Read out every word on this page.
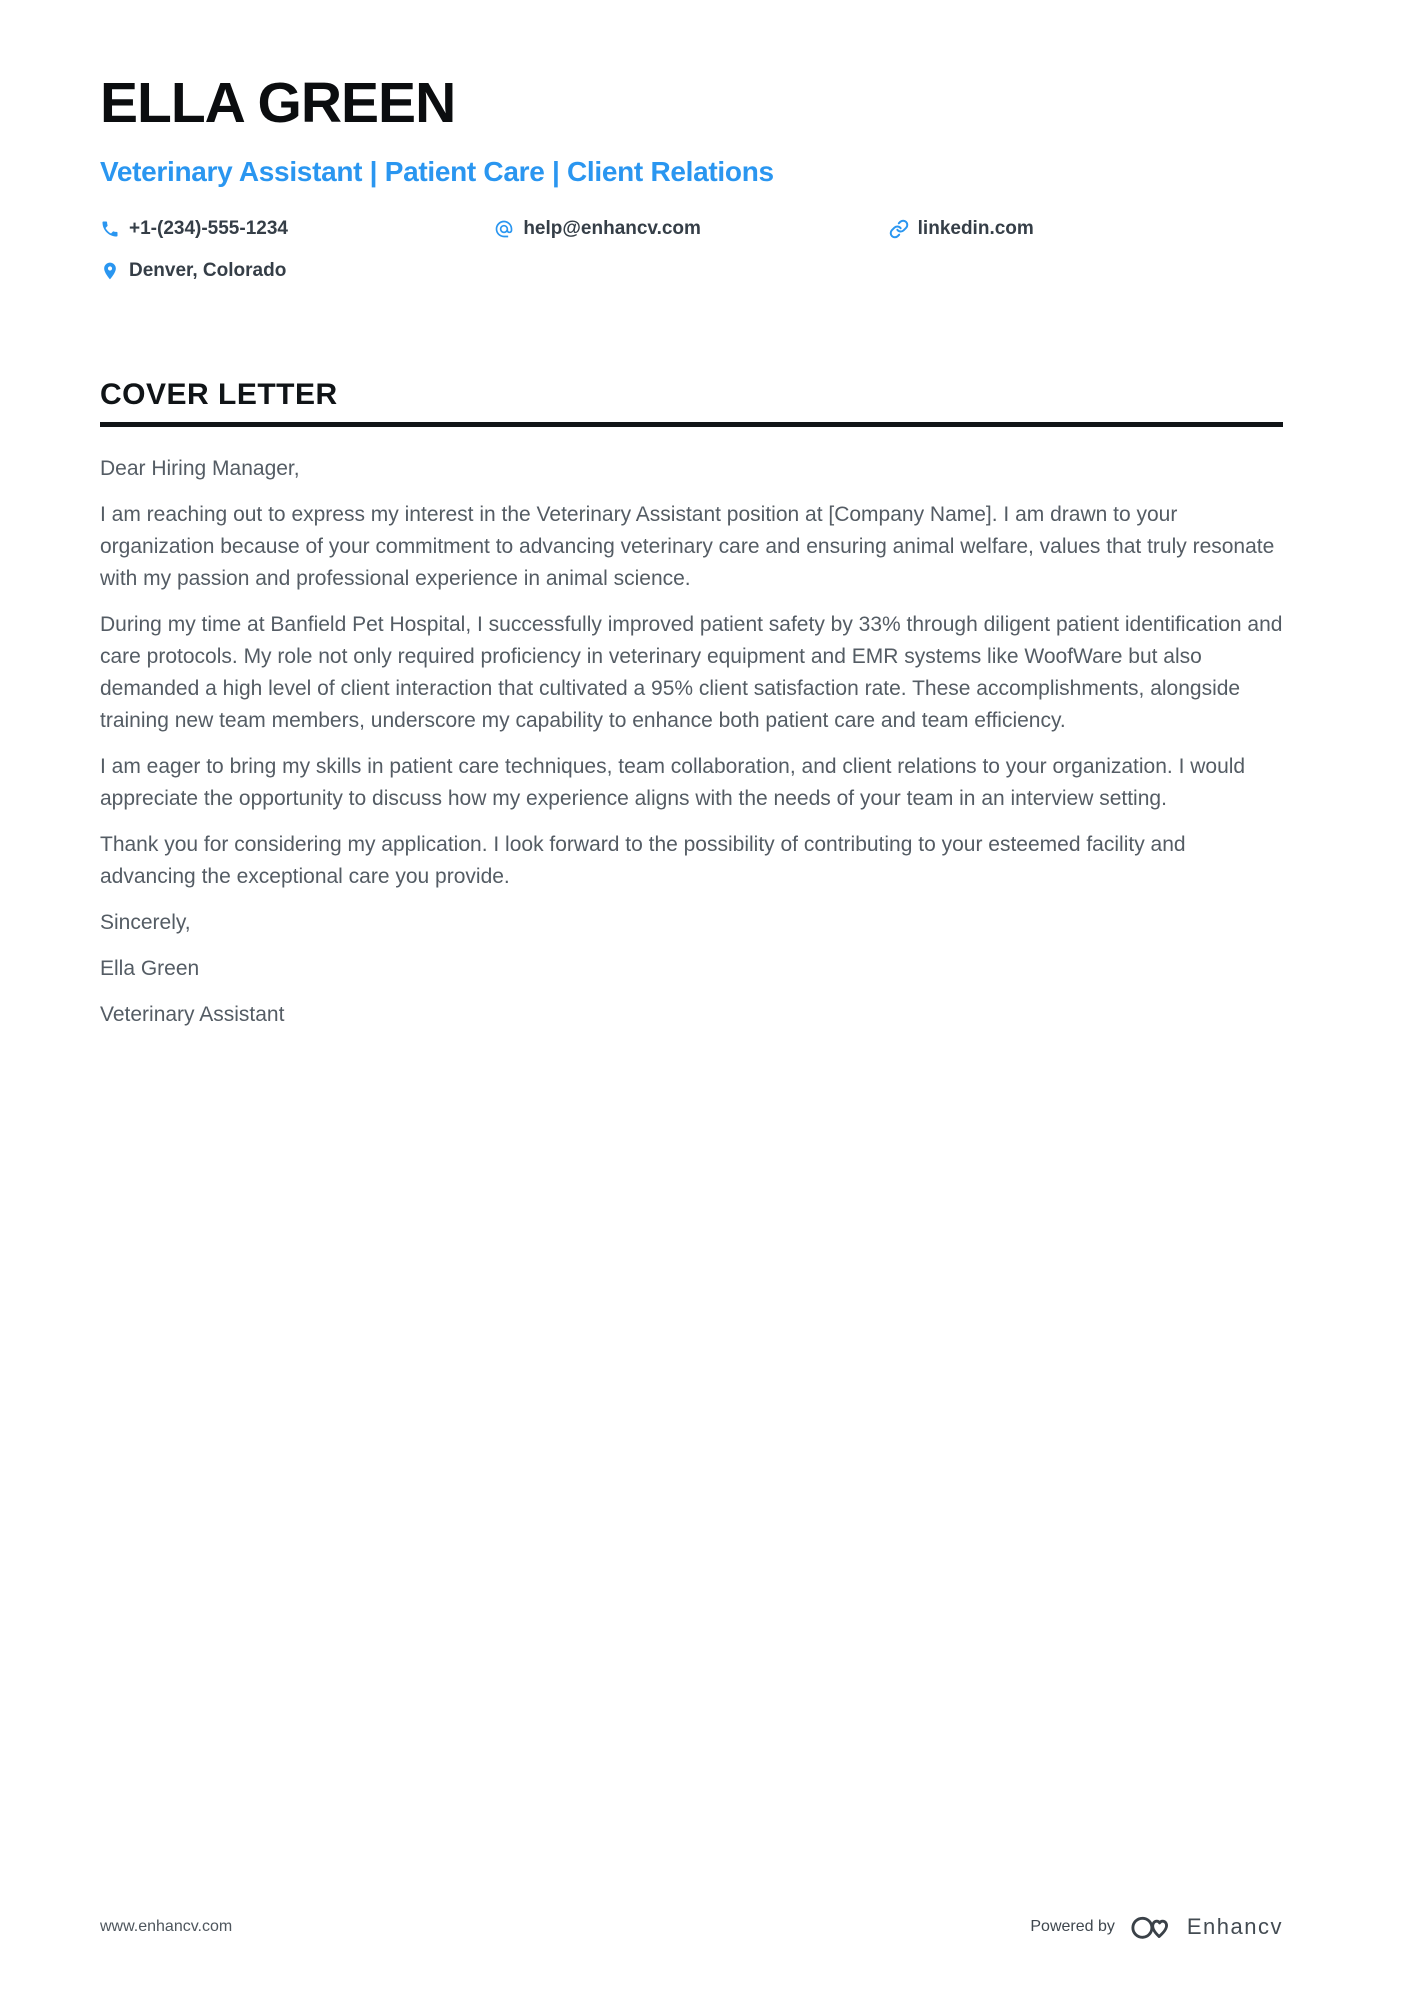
ELLA GREEN
Veterinary Assistant | Patient Care | Client Relations
+1-(234)-555-1234	help@enhancv.com	linkedin.com
Denver, Colorado
COVER LETTER

Dear Hiring Manager,

I am reaching out to express my interest in the Veterinary Assistant position at [Company Name]. I am drawn to your organization because of your commitment to advancing veterinary care and ensuring animal welfare, values that truly resonate with my passion and professional experience in animal science.

During my time at Banfield Pet Hospital, I successfully improved patient safety by 33% through diligent patient identification and care protocols. My role not only required proficiency in veterinary equipment and EMR systems like WoofWare but also demanded a high level of client interaction that cultivated a 95% client satisfaction rate. These accomplishments, alongside training new team members, underscore my capability to enhance both patient care and team efficiency.

I am eager to bring my skills in patient care techniques, team collaboration, and client relations to your organization. I would appreciate the opportunity to discuss how my experience aligns with the needs of your team in an interview setting.

Thank you for considering my application. I look forward to the possibility of contributing to your esteemed facility and advancing the exceptional care you provide.

Sincerely,

Ella Green

Veterinary Assistant

www.enhancv.com	Powered by	Enhancv
